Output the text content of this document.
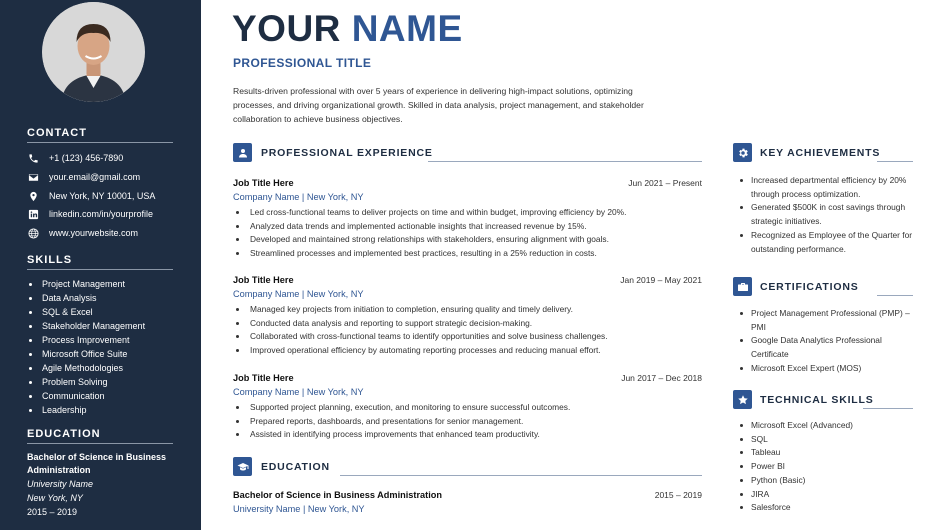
CONTACT
+1 (123) 456-7890
your.email@gmail.com
New York, NY 10001, USA
linkedin.com/in/yourprofile
www.yourwebsite.com
SKILLS
Project Management
Data Analysis
SQL & Excel
Stakeholder Management
Process Improvement
Microsoft Office Suite
Agile Methodologies
Problem Solving
Communication
Leadership
EDUCATION
Bachelor of Science in Business Administration
University Name
New York, NY
2015 – 2019
YOUR NAME
PROFESSIONAL TITLE
Results-driven professional with over 5 years of experience in delivering high-impact solutions, optimizing processes, and driving organizational growth. Skilled in data analysis, project management, and stakeholder collaboration to achieve business objectives.
PROFESSIONAL EXPERIENCE
Job Title Here	Jun 2021 – Present
Company Name | New York, NY
Led cross-functional teams to deliver projects on time and within budget, improving efficiency by 20%.
Analyzed data trends and implemented actionable insights that increased revenue by 15%.
Developed and maintained strong relationships with stakeholders, ensuring alignment with goals.
Streamlined processes and implemented best practices, resulting in a 25% reduction in costs.
Job Title Here	Jan 2019 – May 2021
Company Name | New York, NY
Managed key projects from initiation to completion, ensuring quality and timely delivery.
Conducted data analysis and reporting to support strategic decision-making.
Collaborated with cross-functional teams to identify opportunities and solve business challenges.
Improved operational efficiency by automating reporting processes and reducing manual effort.
Job Title Here	Jun 2017 – Dec 2018
Company Name | New York, NY
Supported project planning, execution, and monitoring to ensure successful outcomes.
Prepared reports, dashboards, and presentations for senior management.
Assisted in identifying process improvements that enhanced team productivity.
EDUCATION
Bachelor of Science in Business Administration	2015 – 2019
University Name | New York, NY
KEY ACHIEVEMENTS
Increased departmental efficiency by 20% through process optimization.
Generated $500K in cost savings through strategic initiatives.
Recognized as Employee of the Quarter for outstanding performance.
CERTIFICATIONS
Project Management Professional (PMP) – PMI
Google Data Analytics Professional Certificate
Microsoft Excel Expert (MOS)
TECHNICAL SKILLS
Microsoft Excel (Advanced)
SQL
Tableau
Power BI
Python (Basic)
JIRA
Salesforce
